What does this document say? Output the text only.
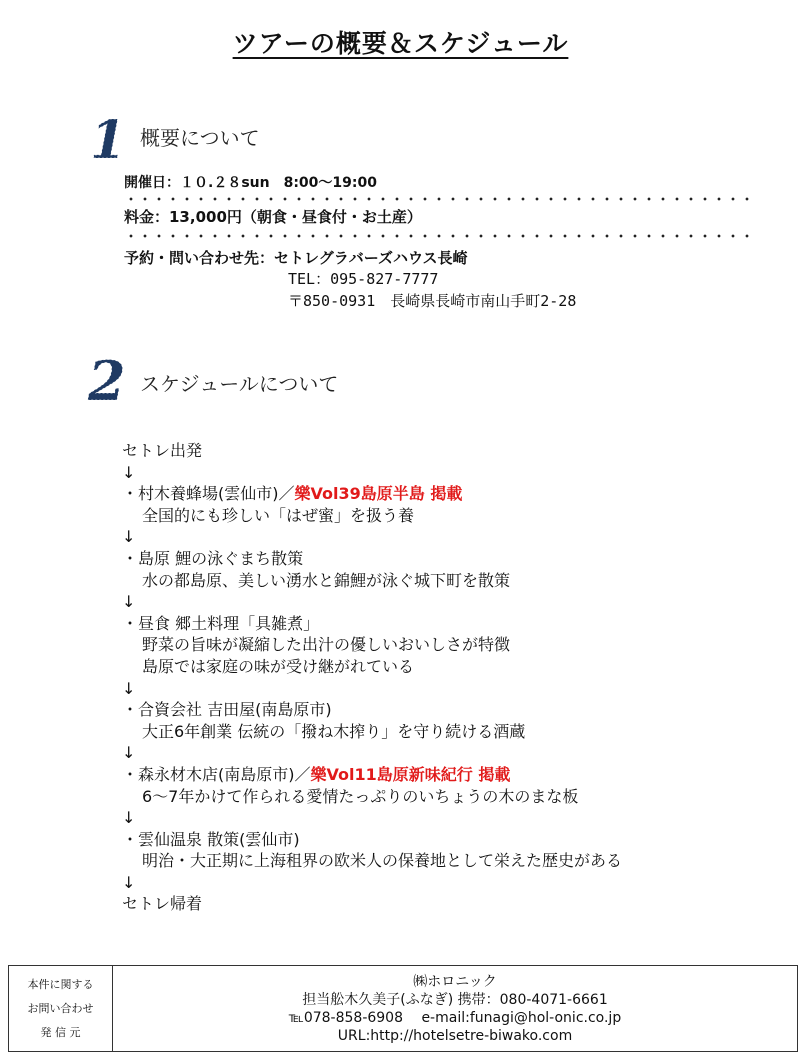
ツアーの概要＆スケジュール
1 概要について
開催日：１０.２８sun　8:00〜19:00
料金：13,000円（朝食・昼食付・お土産）
予約・問い合わせ先：セトレグラバーズハウス長崎
TEL：095-827-7777
〒850-0931　長崎県長崎市南山手町2-28
2 スケジュールについて
セトレ出発
↓
・村木養蜂場(雲仙市)／樂Vol39島原半島 掲載
全国的にも珍しい「はぜ蜜」を扱う養
↓
・島原 鯉の泳ぐまち散策
水の都島原、美しい湧水と錦鯉が泳ぐ城下町を散策
↓
・昼食 郷土料理「具雑煮」
野菜の旨味が凝縮した出汁の優しいおいしさが特徴
島原では家庭の味が受け継がれている
↓
・合資会社 吉田屋(南島原市)
大正6年創業 伝統の「撥ね木搾り」を守り続ける酒蔵
↓
・森永材木店(南島原市)／樂Vol11島原新味紀行 掲載
6〜7年かけて作られる愛情たっぷりのいちょうの木のまな板
↓
・雲仙温泉 散策(雲仙市)
明治・大正期に上海租界の欧米人の保養地として栄えた歴史がある
↓
セトレ帰着
本件に関する
お問い合わせ
発 信 元
㈱ホロニック
担当舩木久美子(ふなぎ) 携帯：080-4071-6661
℡078-858-6908　 e-mail:funagi@hol-onic.co.jp
URL:http://hotelsetre-biwako.com
